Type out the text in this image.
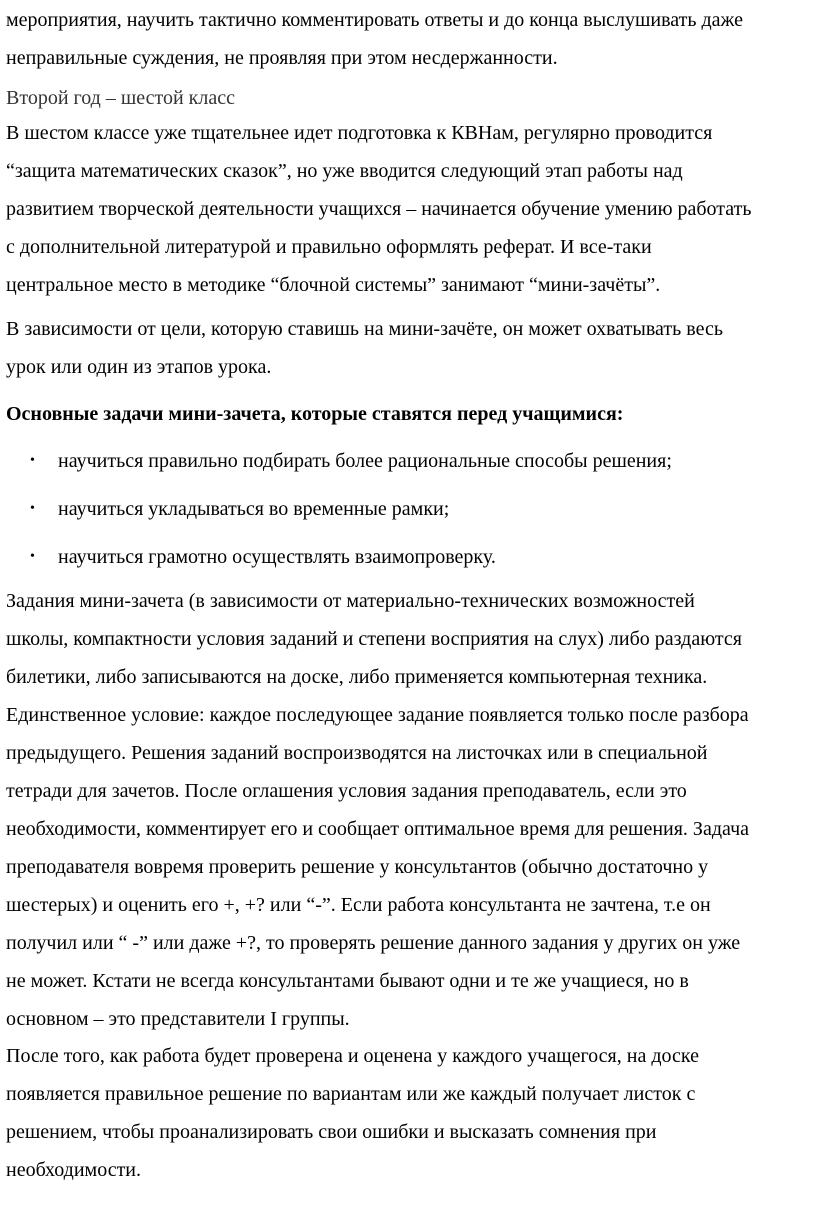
мероприятия, научить тактично комментировать ответы и до конца выслушивать даже
неправильные суждения, не проявляя при этом несдержанности.

Второй год – шестой класс

В шестом классе уже тщательнее идет подготовка к КВНам, регулярно проводится
“защита математических сказок”, но уже вводится следующий этап работы над
развитием творческой деятельности учащихся – начинается обучение умению работать
с дополнительной литературой и правильно оформлять реферат. И все-таки
центральное место в методике “блочной системы” занимают “мини-зачёты”.

В зависимости от цели, которую ставишь на мини-зачёте, он может охватывать весь
урок или один из этапов урока.

Основные задачи мини-зачета, которые ставятся перед учащимися:

• научиться правильно подбирать более рациональные способы решения;
• научиться укладываться во временные рамки;
• научиться грамотно осуществлять взаимопроверку.

Задания мини-зачета (в зависимости от материально-технических возможностей
школы, компактности условия заданий и степени восприятия на слух) либо раздаются
билетики, либо записываются на доске, либо применяется компьютерная техника.
Единственное условие: каждое последующее задание появляется только после разбора
предыдущего. Решения заданий воспроизводятся на листочках или в специальной
тетради для зачетов. После оглашения условия задания преподаватель, если это
необходимости, комментирует его и сообщает оптимальное время для решения. Задача
преподавателя вовремя проверить решение у консультантов (обычно достаточно у
шестерых) и оценить его +, +? или “-”. Если работа консультанта не зачтена, т.е он
получил или “ -” или даже +?, то проверять решение данного задания у других он уже
не может. Кстати не всегда консультантами бывают одни и те же учащиеся, но в
основном – это представители I группы.

После того, как работа будет проверена и оценена у каждого учащегося, на доске
появляется правильное решение по вариантам или же каждый получает листок с
решением, чтобы проанализировать свои ошибки и высказать сомнения при
необходимости.
